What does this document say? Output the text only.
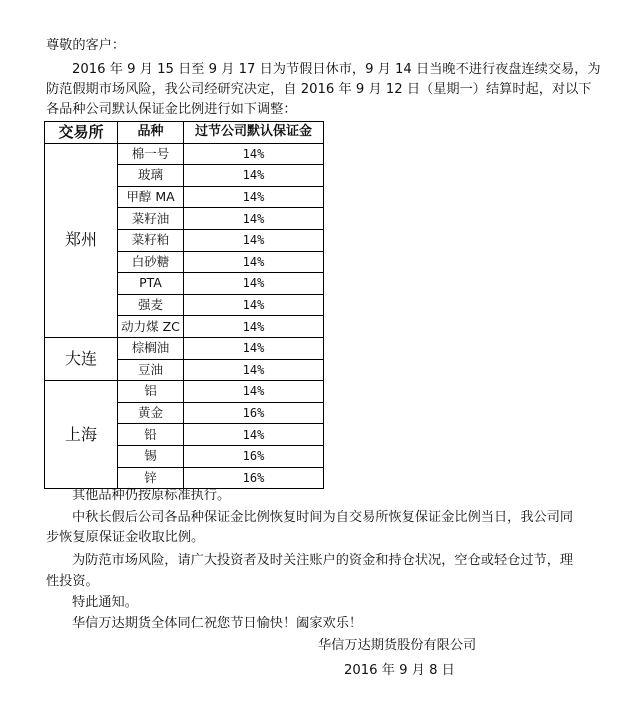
尊敬的客户：
2016 年 9 月 15 日至 9 月 17 日为节假日休市，9 月 14 日当晚不进行夜盘连续交易，为
防范假期市场风险，我公司经研究决定，自 2016 年 9 月 12 日（星期一）结算时起，对以下
各品种公司默认保证金比例进行如下调整：
交易所	品种	过节公司默认保证金
郑州	棉一号	14%
	玻璃	14%
	甲醇 MA	14%
	菜籽油	14%
	菜籽粕	14%
	白砂糖	14%
	PTA	14%
	强麦	14%
	动力煤 ZC	14%
大连	棕榈油	14%
	豆油	14%
上海	铝	14%
	黄金	16%
	铅	14%
	锡	16%
	锌	16%
其他品种仍按原标准执行。
中秋长假后公司各品种保证金比例恢复时间为自交易所恢复保证金比例当日，我公司同
步恢复原保证金收取比例。
为防范市场风险，请广大投资者及时关注账户的资金和持仓状况，空仓或轻仓过节，理
性投资。
特此通知。
华信万达期货全体同仁祝您节日愉快！阖家欢乐！
华信万达期货股份有限公司
2016 年 9 月 8 日
